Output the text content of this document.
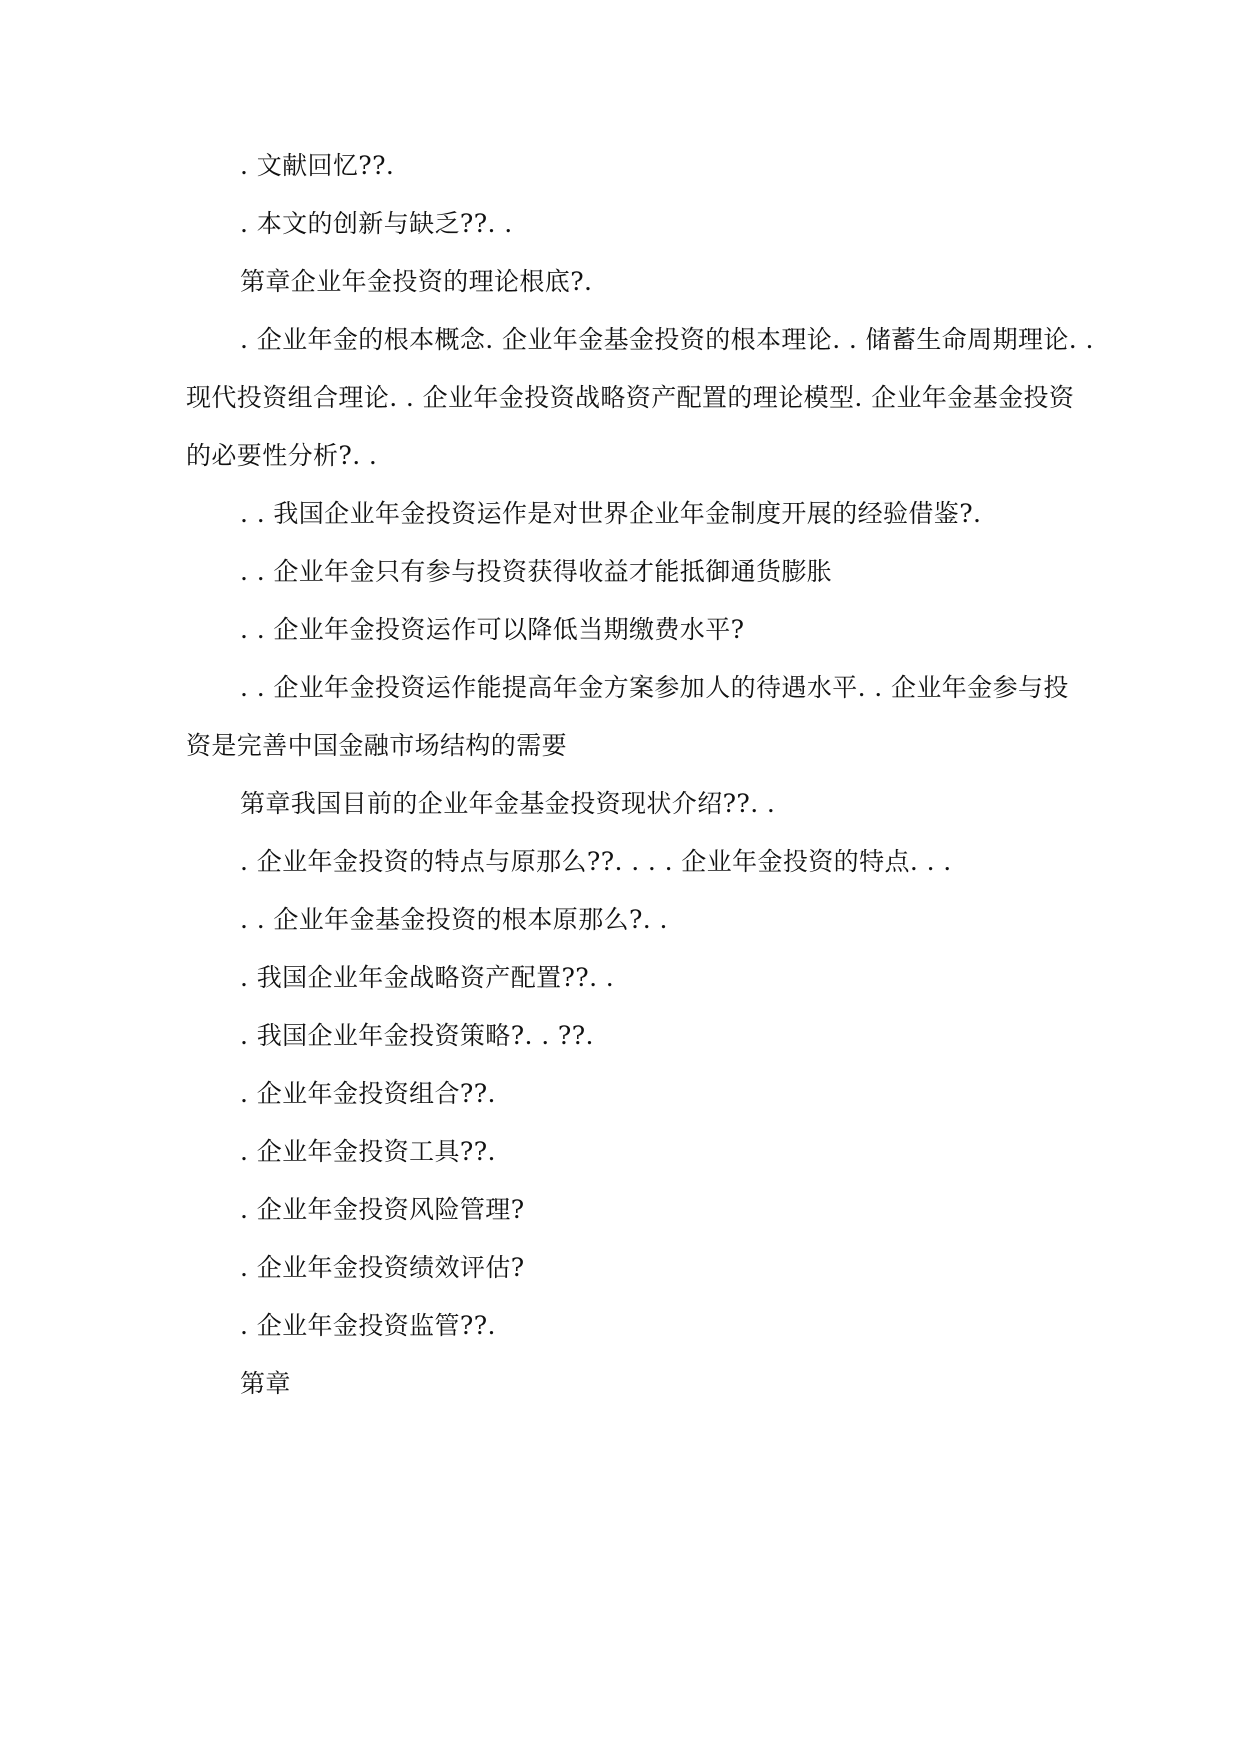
. 文献回忆??.
. 本文的创新与缺乏??. .
第章企业年金投资的理论根底?.
. 企业年金的根本概念. 企业年金基金投资的根本理论. . 储蓄生命周期理论. .
现代投资组合理论. . 企业年金投资战略资产配置的理论模型. 企业年金基金投资
的必要性分析?. .
. . 我国企业年金投资运作是对世界企业年金制度开展的经验借鉴?.
. . 企业年金只有参与投资获得收益才能抵御通货膨胀
. . 企业年金投资运作可以降低当期缴费水平?
. . 企业年金投资运作能提高年金方案参加人的待遇水平. . 企业年金参与投
资是完善中国金融市场结构的需要
第章我国目前的企业年金基金投资现状介绍??. .
. 企业年金投资的特点与原那么??. . . . 企业年金投资的特点. . .
. . 企业年金基金投资的根本原那么?. .
. 我国企业年金战略资产配置??. .
. 我国企业年金投资策略?. . ??.
. 企业年金投资组合??.
. 企业年金投资工具??.
. 企业年金投资风险管理?
. 企业年金投资绩效评估?
. 企业年金投资监管??.
第章
